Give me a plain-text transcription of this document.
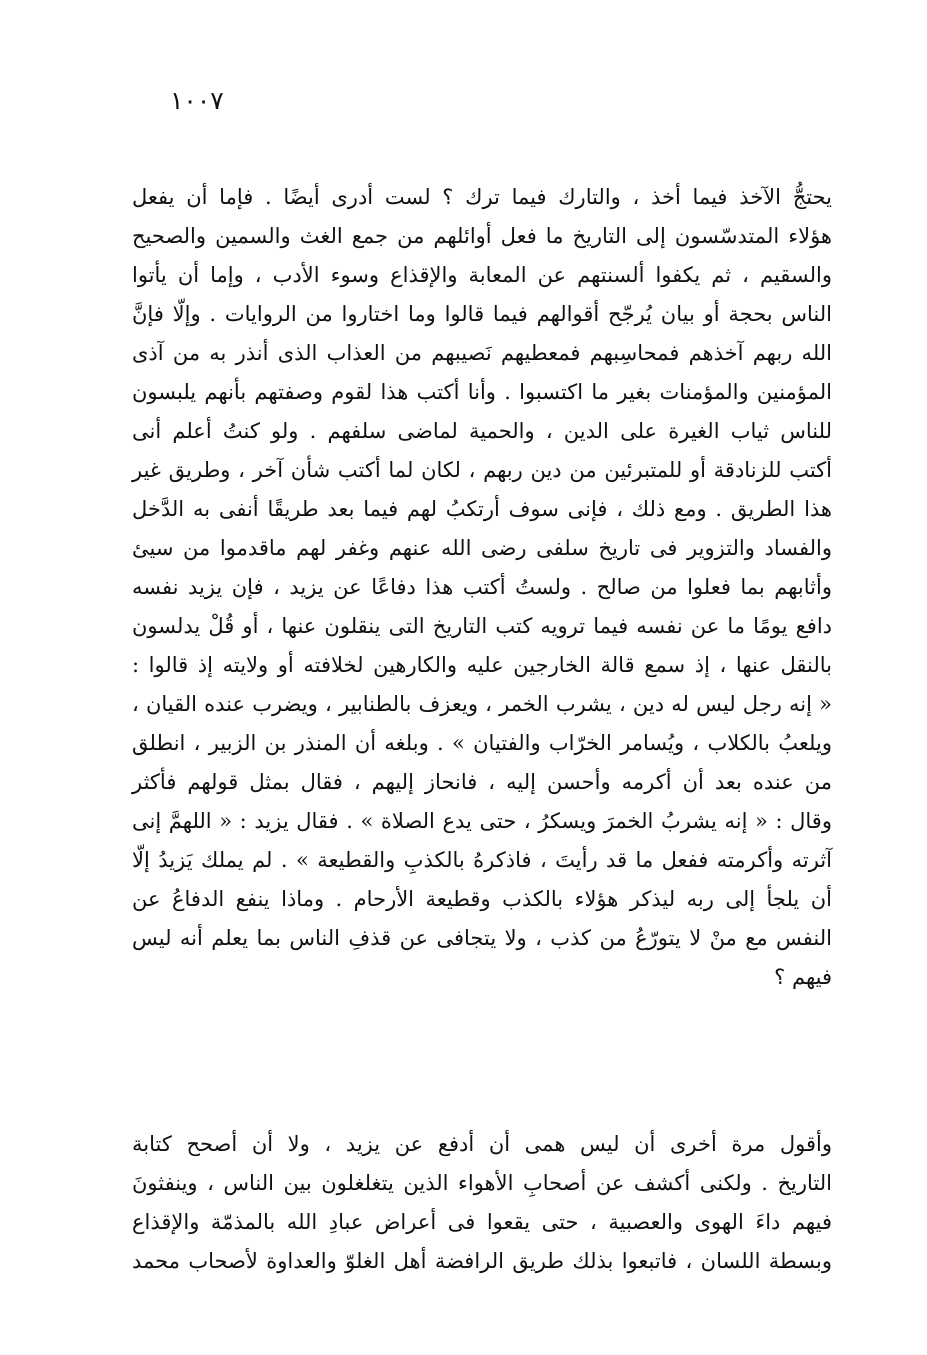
١٠٠٧
يحتجُّ الآخذ فيما أخذ ، والتارك فيما ترك ؟ لست أدرى أيضًا . فإما أن يفعل
هؤلاء المتدسّسون إلى التاريخ ما فعل أوائلهم من جمع الغث والسمين والصحيح
والسقيم ، ثم يكفوا ألسنتهم عن المعابة والإقذاع وسوء الأدب ، وإما أن يأتوا
الناس بحجة أو بيان يُرجّح أقوالهم فيما قالوا وما اختاروا من الروايات . وإلّا فإنَّ
الله ربهم آخذهم فمحاسِبهم فمعطيهم نَصيبهم من العذاب الذى أنذر به من آذى
المؤمنين والمؤمنات بغير ما اكتسبوا . وأنا أكتب هذا لقوم وصفتهم بأنهم يلبسون
للناس ثياب الغيرة على الدين ، والحمية لماضى سلفهم . ولو كنتُ أعلم أنى
أكتب للزنادقة أو للمتبرئين من دين ربهم ، لكان لما أكتب شأن آخر ، وطريق غير
هذا الطريق . ومع ذلك ، فإنى سوف أرتكبُ لهم فيما بعد طريقًا أنفى به الدَّخل
والفساد والتزوير فى تاريخ سلفى رضى الله عنهم وغفر لهم ماقدموا من سيئ
وأثابهم بما فعلوا من صالح . ولستُ أكتب هذا دفاعًا عن يزيد ، فإن يزيد نفسه
دافع يومًا ما عن نفسه فيما ترويه كتب التاريخ التى ينقلون عنها ، أو قُلْ يدلسون
بالنقل عنها ، إذ سمع قالة الخارجين عليه والكارهين لخلافته أو ولايته إذ قالوا :
« إنه رجل ليس له دين ، يشرب الخمر ، ويعزف بالطنابير ، ويضرب عنده القيان ،
ويلعبُ بالكلاب ، ويُسامر الخرّاب والفتيان » . وبلغه أن المنذر بن الزبير ، انطلق
من عنده بعد أن أكرمه وأحسن إليه ، فانحاز إليهم ، فقال بمثل قولهم فأكثر
وقال : « إنه يشربُ الخمرَ ويسكرُ ، حتى يدع الصلاة » . فقال يزيد : « اللهمَّ إنى
آثرته وأكرمته ففعل ما قد رأيتَ ، فاذكرهُ بالكذبِ والقطيعة » . لم يملك يَزيدُ إلّا
أن يلجأ إلى ربه ليذكر هؤلاء بالكذب وقطيعة الأرحام . وماذا ينفع الدفاعُ عن
النفس مع منْ لا يتورّعُ من كذب ، ولا يتجافى عن قذفِ الناس بما يعلم أنه ليس
فيهم ؟
وأقول مرة أخرى أن ليس همى أن أدفع عن يزيد ، ولا أن أصحح كتابة
التاريخ . ولكنى أكشف عن أصحابِ الأهواء الذين يتغلغلون بين الناس ، وينفثونَ
فيهم داءَ الهوى والعصبية ، حتى يقعوا فى أعراض عبادِ الله بالمذمّة والإقذاع
وبسطة اللسان ، فاتبعوا بذلك طريق الرافضة أهل الغلوّ والعداوة لأصحاب محمد
